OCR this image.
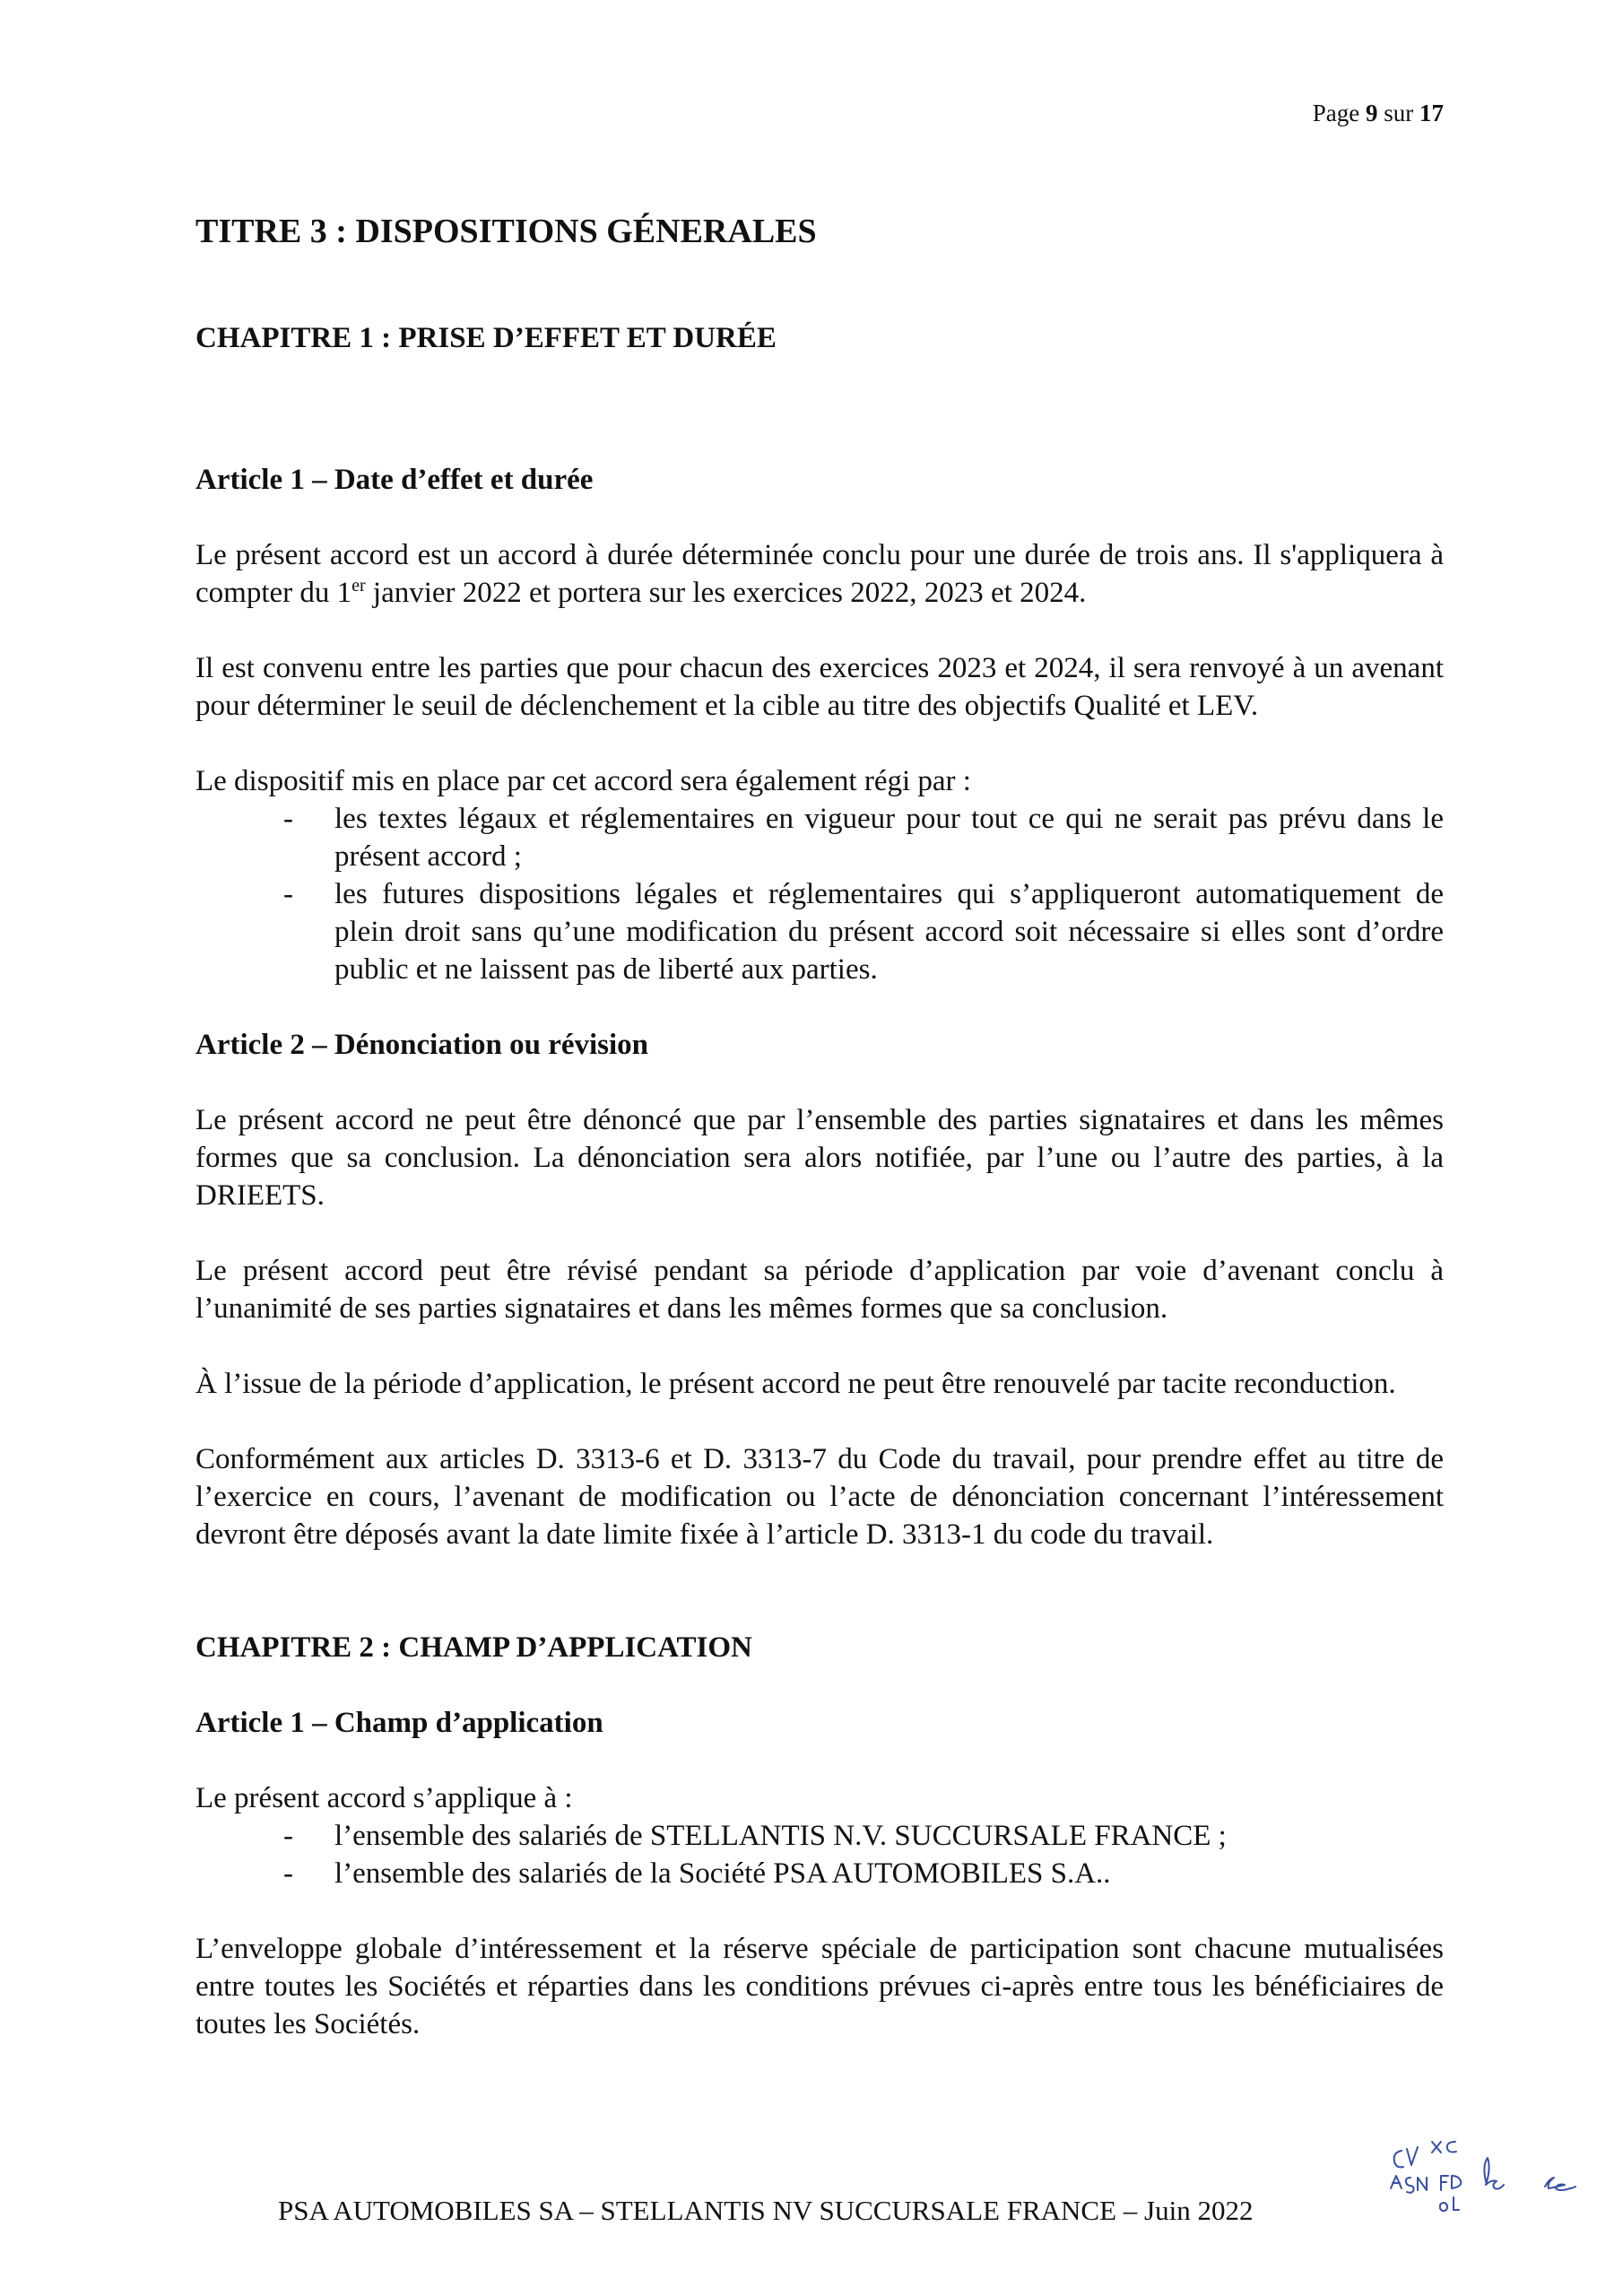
Page 9 sur 17
TITRE 3 : DISPOSITIONS GÉNERALES
CHAPITRE 1 : PRISE D’EFFET ET DURÉE
Article 1 – Date d’effet et durée

Le présent accord est un accord à durée déterminée conclu pour une durée de trois ans. Il s'appliquera à compter du 1er janvier 2022 et portera sur les exercices 2022, 2023 et 2024.

Il est convenu entre les parties que pour chacun des exercices 2023 et 2024, il sera renvoyé à un avenant pour déterminer le seuil de déclenchement et la cible au titre des objectifs Qualité et LEV.

Le dispositif mis en place par cet accord sera également régi par :

- les textes légaux et réglementaires en vigueur pour tout ce qui ne serait pas prévu dans le présent accord ;
- les futures dispositions légales et réglementaires qui s’appliqueront automatiquement de plein droit sans qu’une modification du présent accord soit nécessaire si elles sont d’ordre public et ne laissent pas de liberté aux parties.
Article 2 – Dénonciation ou révision

Le présent accord ne peut être dénoncé que par l’ensemble des parties signataires et dans les mêmes formes que sa conclusion. La dénonciation sera alors notifiée, par l’une ou l’autre des parties, à la DRIEETS.

Le présent accord peut être révisé pendant sa période d’application par voie d’avenant conclu à l’unanimité de ses parties signataires et dans les mêmes formes que sa conclusion.

À l’issue de la période d’application, le présent accord ne peut être renouvelé par tacite reconduction.

Conformément aux articles D. 3313-6 et D. 3313-7 du Code du travail, pour prendre effet au titre de l’exercice en cours, l’avenant de modification ou l’acte de dénonciation concernant l’intéressement devront être déposés avant la date limite fixée à l’article D. 3313-1 du code du travail.

CHAPITRE 2 : CHAMP D’APPLICATION
Article 1 – Champ d’application

Le présent accord s’applique à :

- l’ensemble des salariés de STELLANTIS N.V. SUCCURSALE FRANCE ;
- l’ensemble des salariés de la Société PSA AUTOMOBILES S.A..

L’enveloppe globale d’intéressement et la réserve spéciale de participation sont chacune mutualisées entre toutes les Sociétés et réparties dans les conditions prévues ci-après entre tous les bénéficiaires de toutes les Sociétés.

PSA AUTOMOBILES SA – STELLANTIS NV SUCCURSALE FRANCE – Juin 2022
